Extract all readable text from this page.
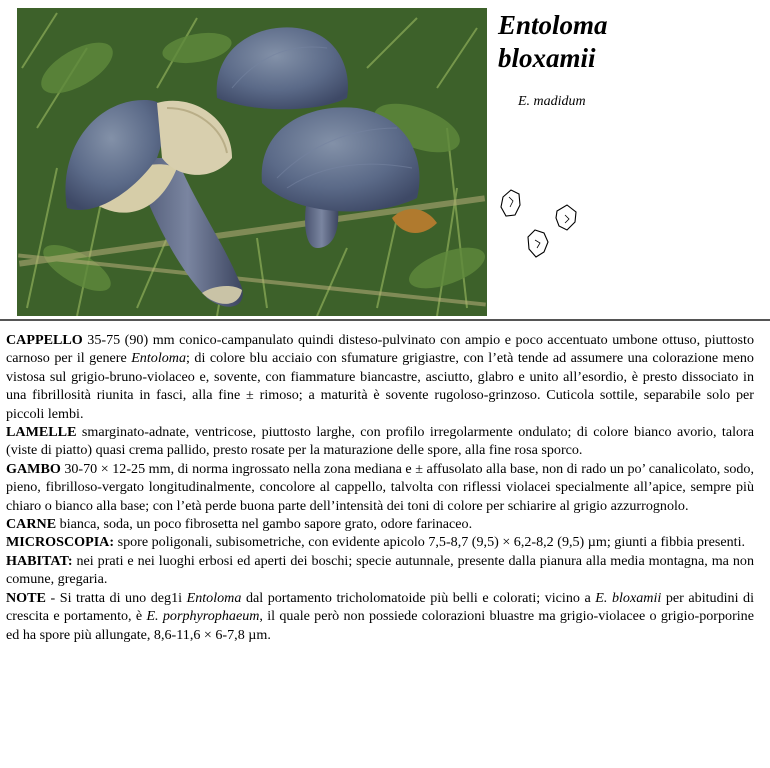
Entoloma
bloxamii
E. madidum

CAPPELLO 35-75 (90) mm conico-campanulato quindi disteso-pulvinato con ampio e poco accentuato umbone ottuso, piuttosto carnoso per il genere Entoloma; di colore blu acciaio con sfumature grigiastre, con l’età tende ad assumere una colorazione meno vistosa sul grigio-bruno-violaceo e, sovente, con fiammature biancastre, asciutto, glabro e unito all’esordio, è presto dissociato in una fibrillosità riunita in fasci, alla fine ± rimoso; a maturità è sovente rugoloso-grinzoso. Cuticola sottile, separabile solo per piccoli lembi.

LAMELLE smarginato-adnate, ventricose, piuttosto larghe, con profilo irregolarmente ondulato; di colore bianco avorio, talora (viste di piatto) quasi crema pallido, presto rosate per la maturazione delle spore, alla fine rosa sporco.

GAMBO 30-70 × 12-25 mm, di norma ingrossato nella zona mediana e ± affusolato alla base, non di rado un po’ canalicolato, sodo, pieno, fibrilloso-vergato longitudinalmente, concolore al cappello, talvolta con riflessi violacei specialmente all’apice, sempre più chiaro o bianco alla base; con l’età perde buona parte dell’intensità dei toni di colore per schiarire al grigio azzurrognolo.

CARNE bianca, soda, un poco fibrosetta nel gambo sapore grato, odore farinaceo.

MICROSCOPIA: spore poligonali, subisometriche, con evidente apicolo 7,5-8,7 (9,5) × 6,2-8,2 (9,5) µm; giunti a fibbia presenti.

HABITAT: nei prati e nei luoghi erbosi ed aperti dei boschi; specie autunnale, presente dalla pianura alla media montagna, ma non comune, gregaria.

NOTE - Si tratta di uno deg1i Entoloma dal portamento tricholomatoide più belli e colorati; vicino a E. bloxamii per abitudini di crescita e portamento, è E. porphyrophaeum, il quale però non possiede colorazioni bluastre ma grigio-violacee o grigio-porporine ed ha spore più allungate, 8,6-11,6 × 6-7,8 µm.
